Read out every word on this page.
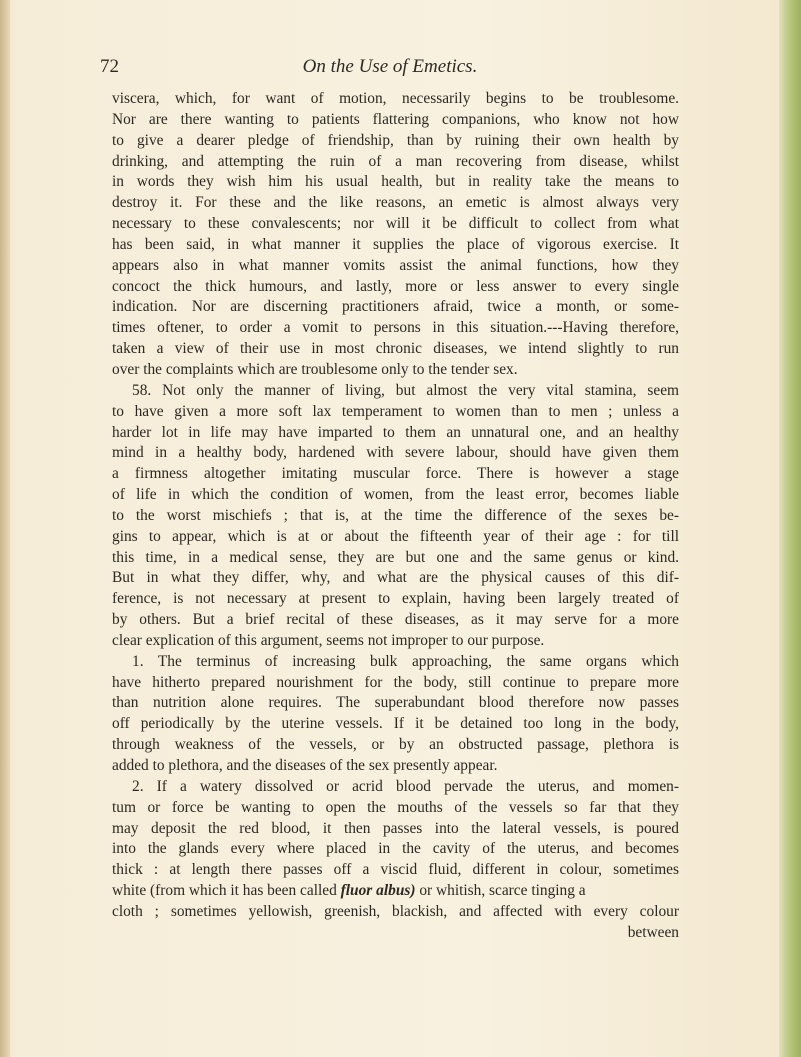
72	On the Use of Emetics.
viscera, which, for want of motion, necessarily begins to be troublesome.
Nor are there wanting to patients flattering companions, who know not how
to give a dearer pledge of friendship, than by ruining their own health by
drinking, and attempting the ruin of a man recovering from disease, whilst
in words they wish him his usual health, but in reality take the means to
destroy it. For these and the like reasons, an emetic is almost always very
necessary to these convalescents; nor will it be difficult to collect from what
has been said, in what manner it supplies the place of vigorous exercise. It
appears also in what manner vomits assist the animal functions, how they
concoct the thick humours, and lastly, more or less answer to every single
indication. Nor are discerning practitioners afraid, twice a month, or some-
times oftener, to order a vomit to persons in this situation.---Having therefore,
taken a view of their use in most chronic diseases, we intend slightly to run
over the complaints which are troublesome only to the tender sex.
58. Not only the manner of living, but almost the very vital stamina, seem
to have given a more soft lax temperament to women than to men ; unless a
harder lot in life may have imparted to them an unnatural one, and an healthy
mind in a healthy body, hardened with severe labour, should have given them
a firmness altogether imitating muscular force. There is however a stage
of life in which the condition of women, from the least error, becomes liable
to the worst mischiefs ; that is, at the time the difference of the sexes be-
gins to appear, which is at or about the fifteenth year of their age : for till
this time, in a medical sense, they are but one and the same genus or kind.
But in what they differ, why, and what are the physical causes of this dif-
ference, is not necessary at present to explain, having been largely treated of
by others. But a brief recital of these diseases, as it may serve for a more
clear explication of this argument, seems not improper to our purpose.
1. The terminus of increasing bulk approaching, the same organs which
have hitherto prepared nourishment for the body, still continue to prepare more
than nutrition alone requires. The superabundant blood therefore now passes
off periodically by the uterine vessels. If it be detained too long in the body,
through weakness of the vessels, or by an obstructed passage, plethora is
added to plethora, and the diseases of the sex presently appear.
2. If a watery dissolved or acrid blood pervade the uterus, and momen-
tum or force be wanting to open the mouths of the vessels so far that they
may deposit the red blood, it then passes into the lateral vessels, is poured
into the glands every where placed in the cavity of the uterus, and becomes
thick : at length there passes off a viscid fluid, different in colour, sometimes
white (from which it has been called fluor albus) or whitish, scarce tinging a
cloth ; sometimes yellowish, greenish, blackish, and affected with every colour
between
